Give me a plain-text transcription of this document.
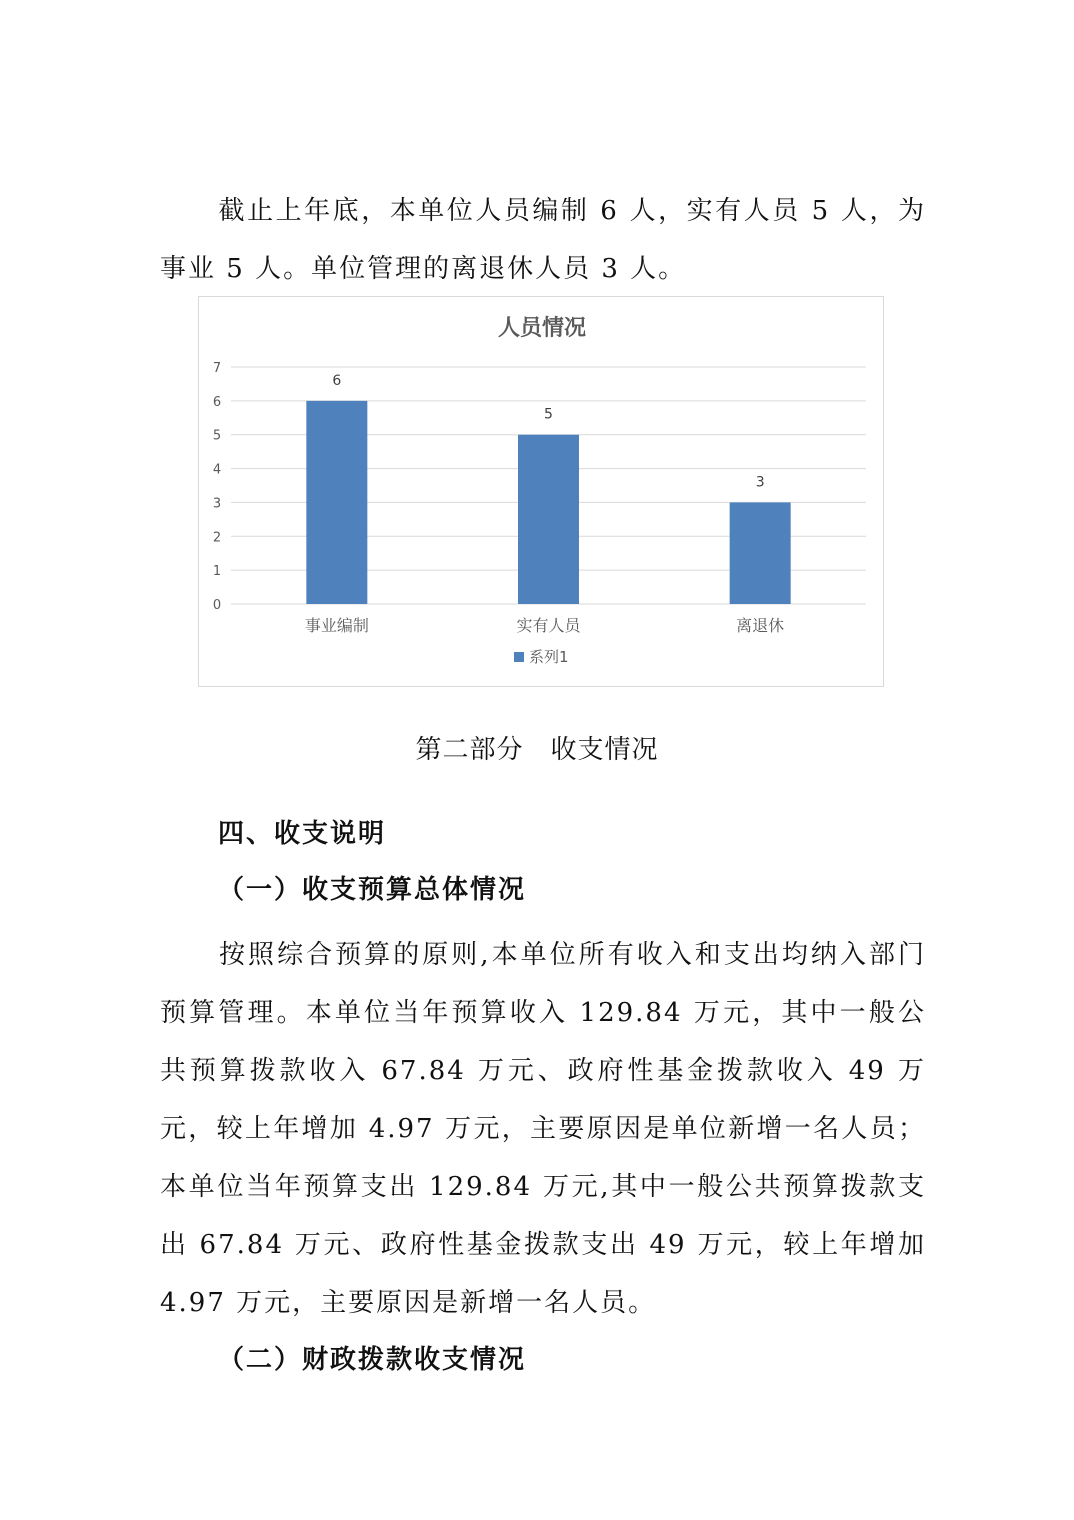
截止上年底，本单位人员编制 6 人，实有人员 5 人，为事业 5 人。单位管理的离退休人员 3 人。

人员情况
0
1
2
3
4
5
6
7
6
事业编制
5
实有人员
3
离退休
系列1
第二部分　收支情况
四、收支说明
（一）收支预算总体情况

按照综合预算的原则,本单位所有收入和支出均纳入部门预算管理。本单位当年预算收入 129.84 万元，其中一般公共预算拨款收入 67.84 万元、政府性基金拨款收入 49 万元，较上年增加 4.97 万元，主要原因是单位新增一名人员；本单位当年预算支出 129.84 万元,其中一般公共预算拨款支出 67.84 万元、政府性基金拨款支出 49 万元，较上年增加 4.97 万元，主要原因是新增一名人员。

（二）财政拨款收支情况
